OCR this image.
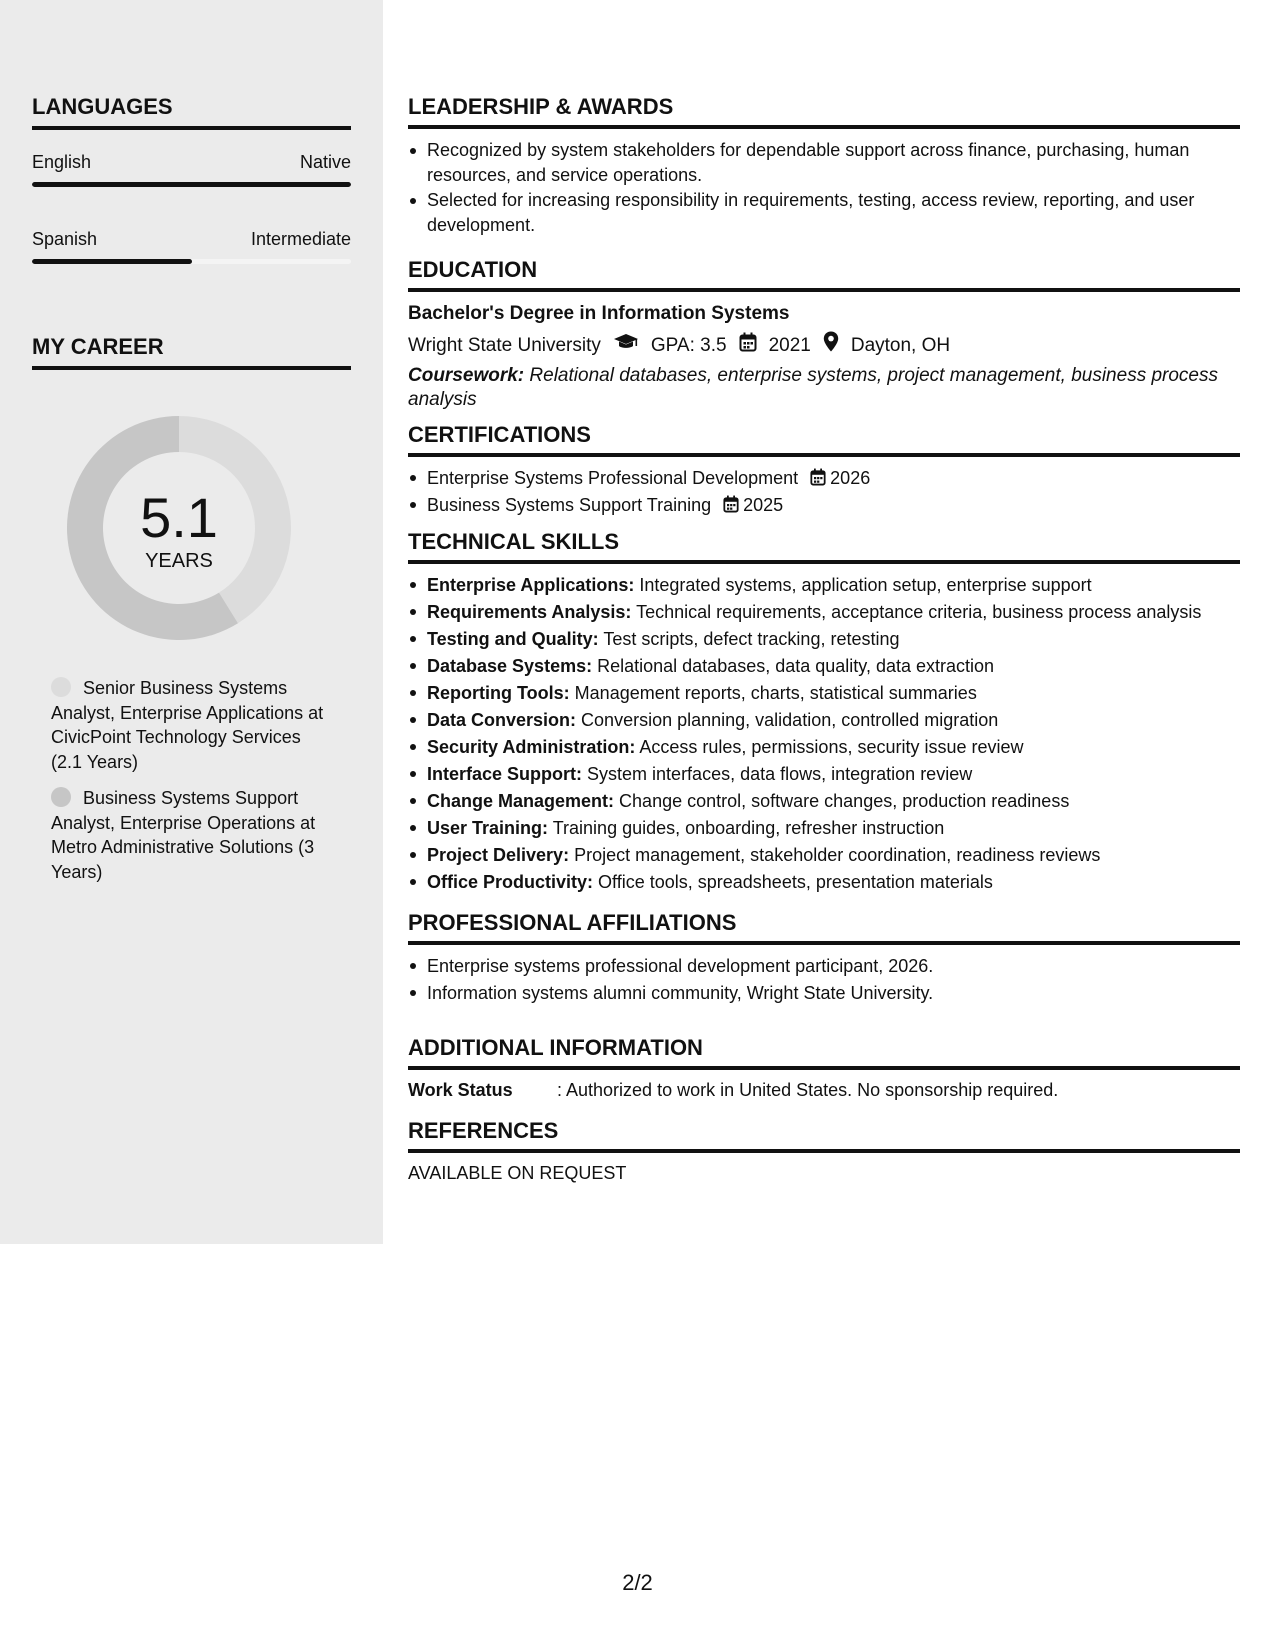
LANGUAGES
English	Native
Spanish	Intermediate
MY CAREER
5.1
YEARS
Senior Business Systems Analyst, Enterprise Applications at CivicPoint Technology Services (2.1 Years)
Business Systems Support Analyst, Enterprise Operations at Metro Administrative Solutions (3 Years)
LEADERSHIP & AWARDS
Recognized by system stakeholders for dependable support across finance, purchasing, human resources, and service operations.
Selected for increasing responsibility in requirements, testing, access review, reporting, and user development.
EDUCATION
Bachelor's Degree in Information Systems
Wright State University	GPA: 3.5 2021 Dayton, OH
Coursework: Relational databases, enterprise systems, project management, business process analysis
CERTIFICATIONS
Enterprise Systems Professional Development 2026
Business Systems Support Training 2025
TECHNICAL SKILLS
Enterprise Applications: Integrated systems, application setup, enterprise support
Requirements Analysis: Technical requirements, acceptance criteria, business process analysis
Testing and Quality: Test scripts, defect tracking, retesting
Database Systems: Relational databases, data quality, data extraction
Reporting Tools: Management reports, charts, statistical summaries
Data Conversion: Conversion planning, validation, controlled migration
Security Administration: Access rules, permissions, security issue review
Interface Support: System interfaces, data flows, integration review
Change Management: Change control, software changes, production readiness
User Training: Training guides, onboarding, refresher instruction
Project Delivery: Project management, stakeholder coordination, readiness reviews
Office Productivity: Office tools, spreadsheets, presentation materials
PROFESSIONAL AFFILIATIONS
Enterprise systems professional development participant, 2026.
Information systems alumni community, Wright State University.
ADDITIONAL INFORMATION
Work Status	: Authorized to work in United States. No sponsorship required.
REFERENCES
AVAILABLE ON REQUEST
2/2
